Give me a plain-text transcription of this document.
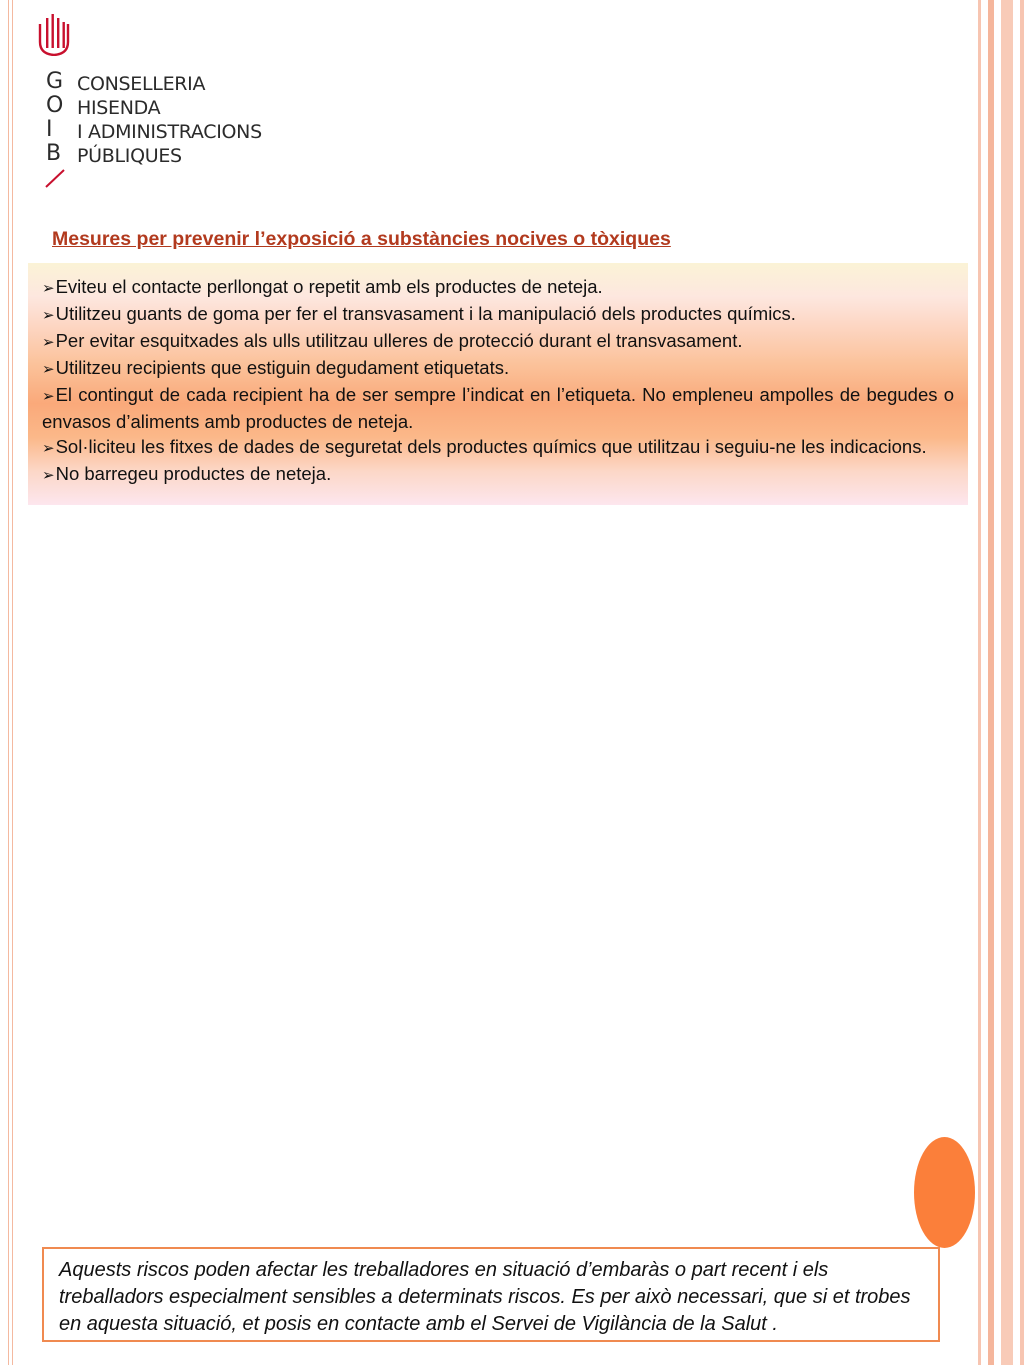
G
O
I
B
CONSELLERIA
HISENDA
I ADMINISTRACIONS
PÚBLIQUES
Mesures per prevenir l’exposició a substàncies nocives o tòxiques
➢Eviteu el contacte perllongat o repetit amb els productes de neteja.
➢Utilitzeu guants de goma per fer el transvasament i la manipulació dels productes químics.
➢Per evitar esquitxades als ulls utilitzau ulleres de protecció durant el transvasament.
➢Utilitzeu recipients que estiguin degudament etiquetats.
➢El contingut de cada recipient ha de ser sempre l’indicat en l’etiqueta. No empleneu ampolles de begudes o envasos d’aliments amb productes de neteja.
➢Sol·liciteu les fitxes de dades de seguretat dels productes químics que utilitzau i seguiu-ne les indicacions.
➢No barregeu productes de neteja.

Aquests riscos poden afectar les treballadores en situació d’embaràs o part recent i els treballadors especialment sensibles a determinats riscos. Es per això necessari, que si et trobes en aquesta situació, et posis en contacte amb el Servei de Vigilància de la Salut .
